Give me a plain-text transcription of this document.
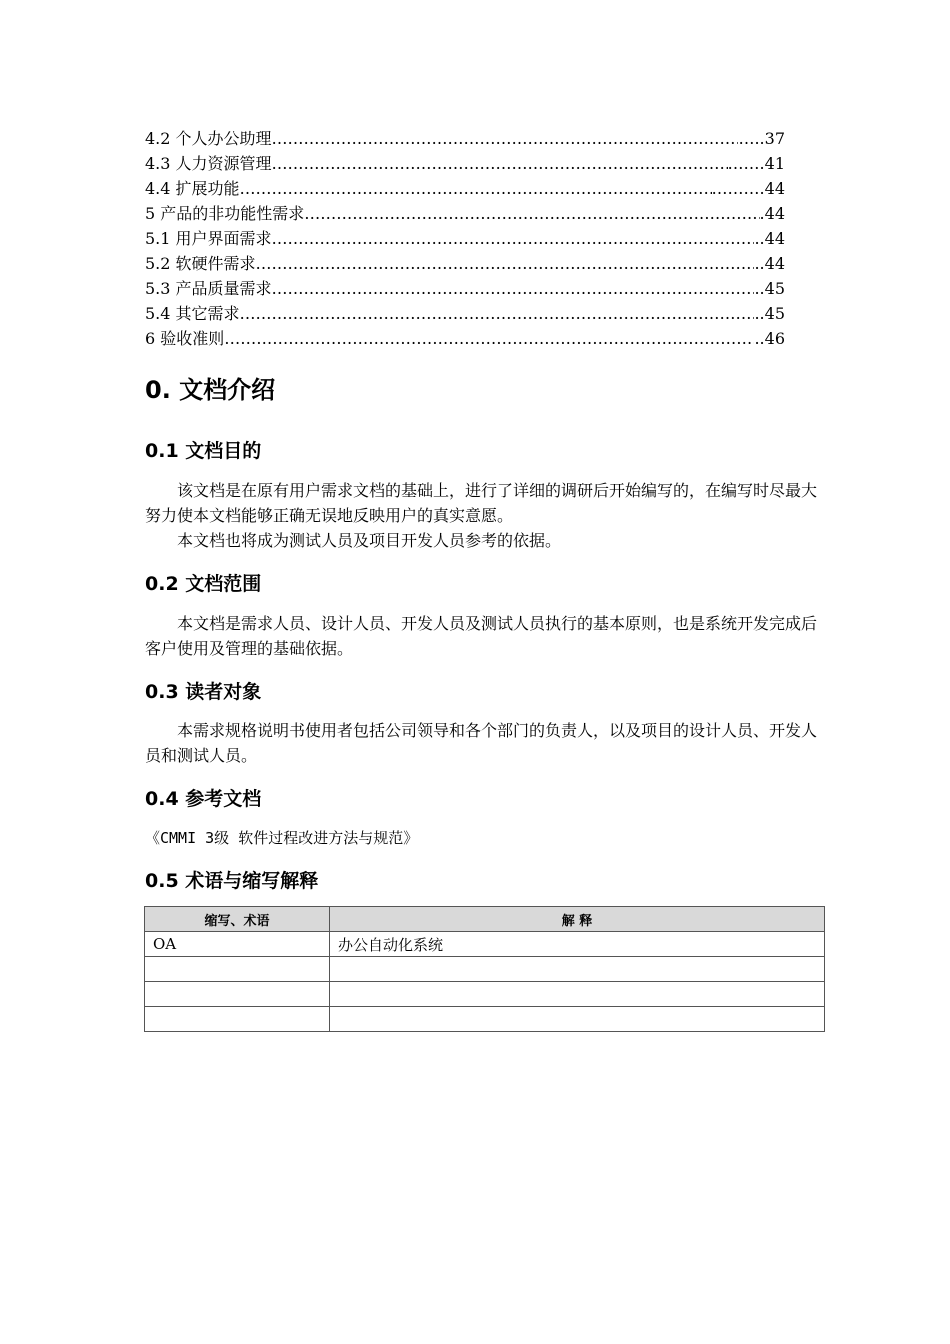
4.2 个人办公助理 ……………………………………………………………………………………………………………………………………………………………………	…..37
4.3 人力资源管理 ……………………………………………………………………………………………………………………………………………………………………	…….41
4.4 扩展功能 ……………………………………………………………………………………………………………………………………………………………………	……….44
5 产品的非功能性需求 ……………………………………………………………………………………………………………………………………………………………………	.44
5.1 用户界面需求 ……………………………………………………………………………………………………………………………………………………………………	..44
5.2 软硬件需求 ……………………………………………………………………………………………………………………………………………………………………	..44
5.3 产品质量需求 ……………………………………………………………………………………………………………………………………………………………………	..45
5.4 其它需求 ……………………………………………………………………………………………………………………………………………………………………	..45
6 验收准则 ……………………………………………………………………………………………………………………………………………………………………	..46
0. 文档介绍
0.1 文档目的

该文档是在原有用户需求文档的基础上，进行了详细的调研后开始编写的，在编写时尽最大努力使本文档能够正确无误地反映用户的真实意愿。

本文档也将成为测试人员及项目开发人员参考的依据。

0.2 文档范围

本文档是需求人员、设计人员、开发人员及测试人员执行的基本原则，也是系统开发完成后客户使用及管理的基础依据。

0.3 读者对象

本需求规格说明书使用者包括公司领导和各个部门的负责人，以及项目的设计人员、开发人员和测试人员。

0.4 参考文档

《CMMI 3级 软件过程改进方法与规范》

0.5 术语与缩写解释
缩写、术语	解 释
OA	办公自动化系统
